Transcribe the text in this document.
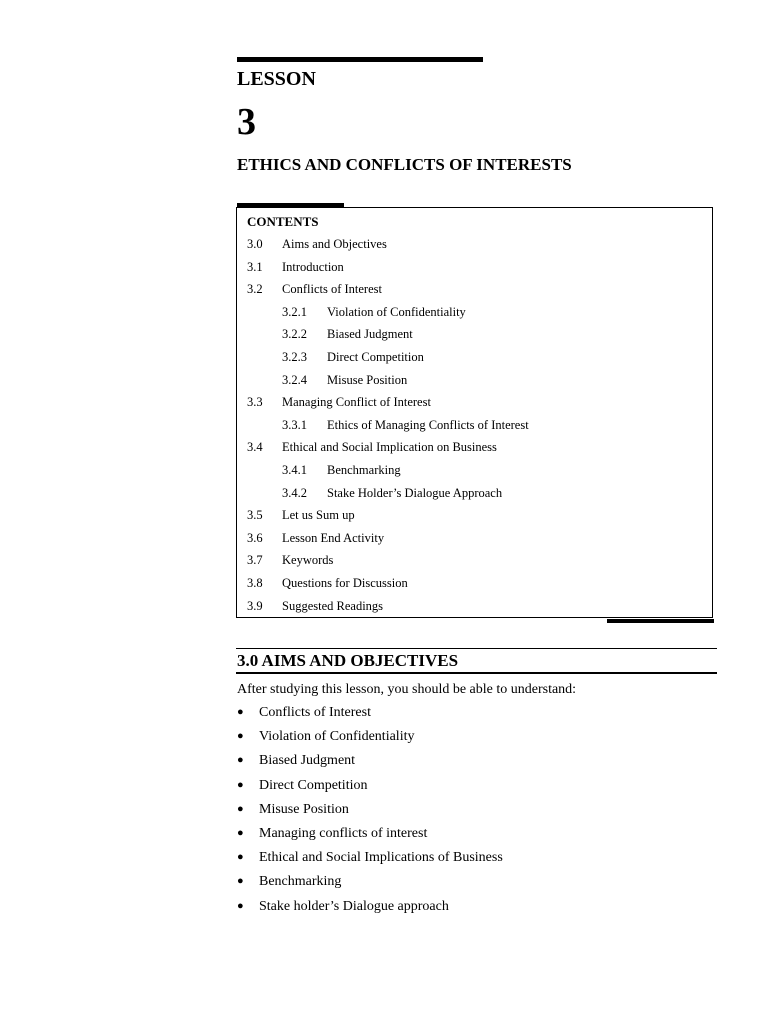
LESSON
3
ETHICS AND CONFLICTS OF INTERESTS
CONTENTS
3.0 Aims and Objectives
3.1 Introduction
3.2 Conflicts of Interest
3.2.1 Violation of Confidentiality
3.2.2 Biased Judgment
3.2.3 Direct Competition
3.2.4 Misuse Position
3.3 Managing Conflict of Interest
3.3.1 Ethics of Managing Conflicts of Interest
3.4 Ethical and Social Implication on Business
3.4.1 Benchmarking
3.4.2 Stake Holder’s Dialogue Approach
3.5 Let us Sum up
3.6 Lesson End Activity
3.7 Keywords
3.8 Questions for Discussion
3.9 Suggested Readings
3.0 AIMS AND OBJECTIVES

After studying this lesson, you should be able to understand:

● Conflicts of Interest
● Violation of Confidentiality
● Biased Judgment
● Direct Competition
● Misuse Position
● Managing conflicts of interest
● Ethical and Social Implications of Business
● Benchmarking
● Stake holder’s Dialogue approach
